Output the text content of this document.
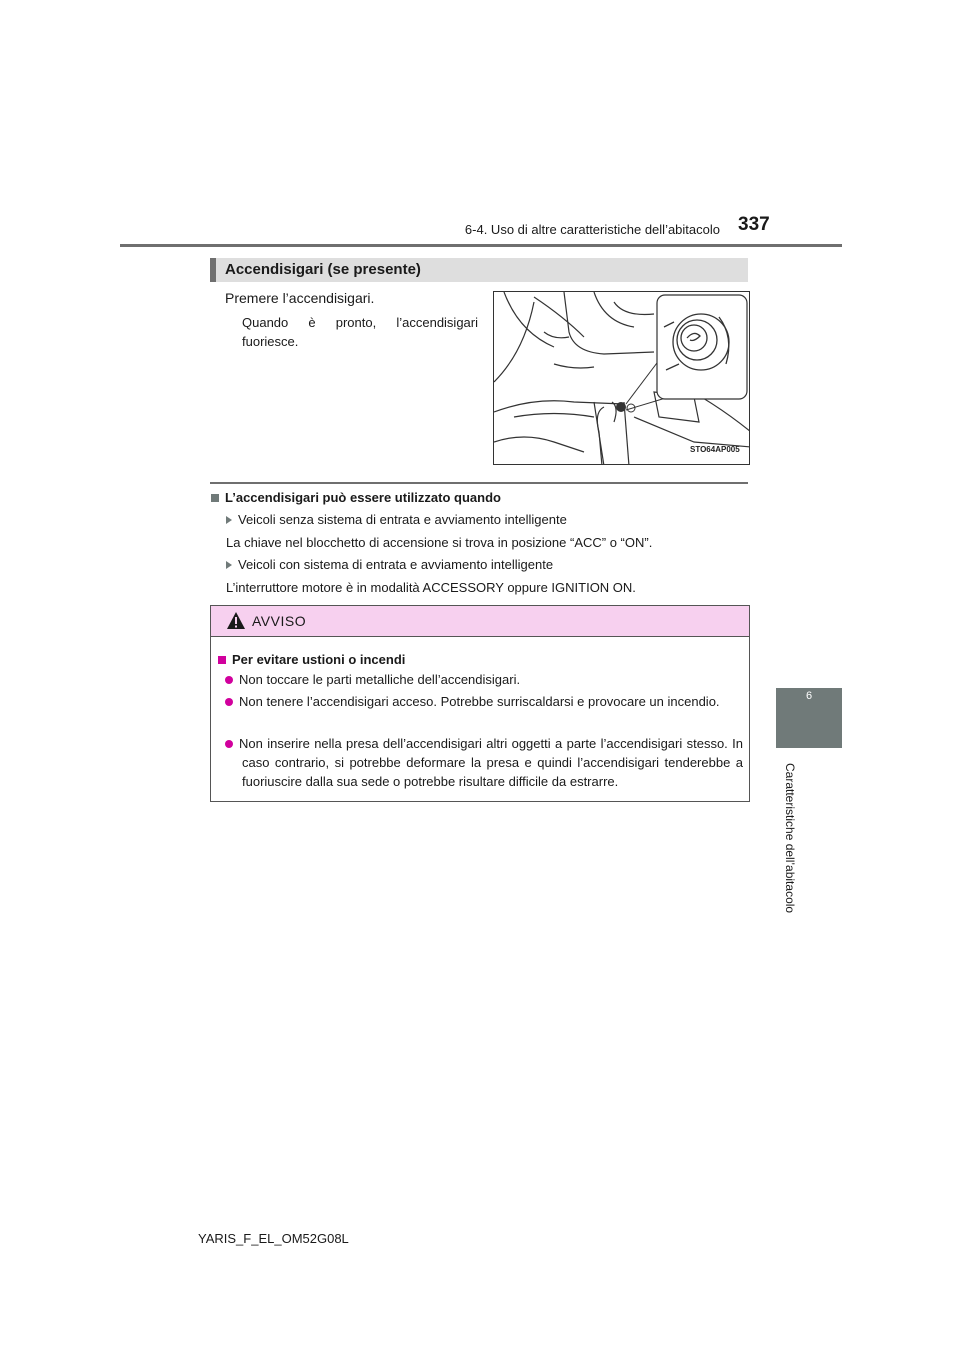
6-4. Uso di altre caratteristiche dell’abitacolo 337
6
Caratteristiche dell’abitacolo
Accendisigari (se presente)
Premere l’accendisigari.
Quando è pronto, l’accendisigari fuoriesce.
STO64AP005
L’accendisigari può essere utilizzato quando
Veicoli senza sistema di entrata e avviamento intelligente
La chiave nel blocchetto di accensione si trova in posizione “ACC” o “ON”.
Veicoli con sistema di entrata e avviamento intelligente
L’interruttore motore è in modalità ACCESSORY oppure IGNITION ON.
AVVISO
Per evitare ustioni o incendi
Non toccare le parti metalliche dell’accendisigari.
Non tenere l’accendisigari acceso. Potrebbe surriscaldarsi e provocare un incendio.
Non inserire nella presa dell’accendisigari altri oggetti a parte l’accendisigari stesso. In caso contrario, si potrebbe deformare la presa e quindi l’accendisigari tenderebbe a fuoriuscire dalla sua sede o potrebbe risultare difficile da estrarre.
YARIS_F_EL_OM52G08L
